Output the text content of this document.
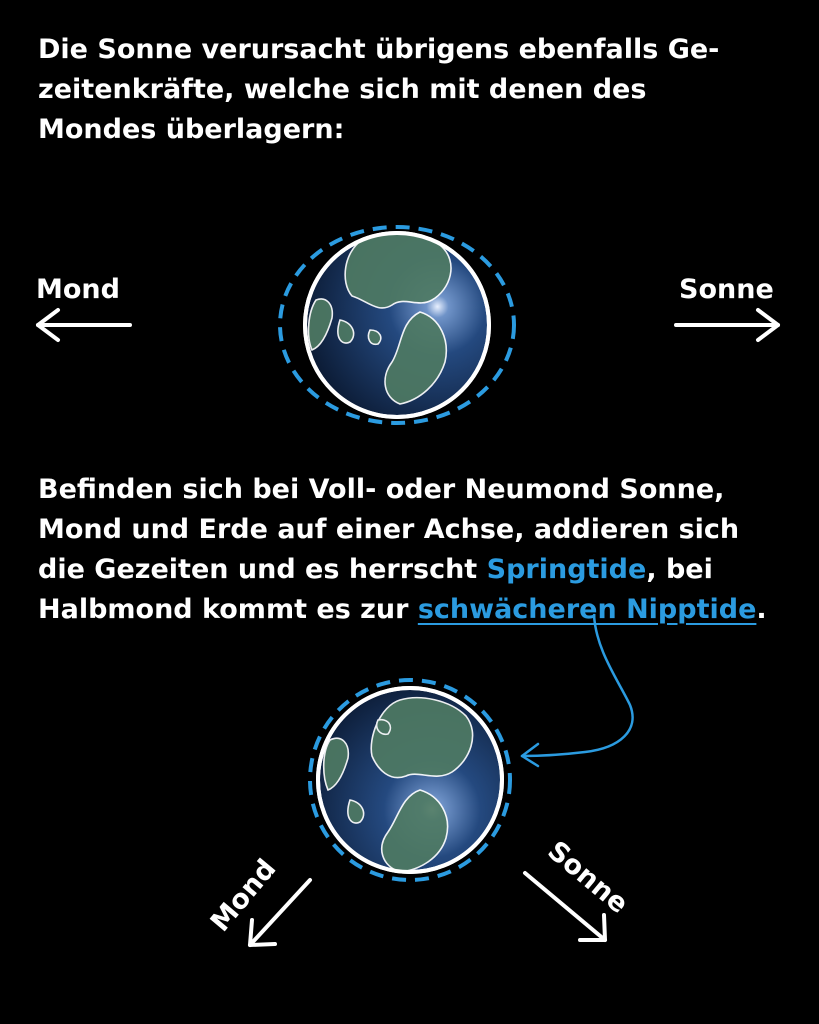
Die Sonne verursacht übrigens ebenfalls Ge-
zeitenkräfte, welche sich mit denen des
Mondes überlagern:

Mond	Sonne

Befinden sich bei Voll- oder Neumond Sonne,
Mond und Erde auf einer Achse, addieren sich
die Gezeiten und es herrscht Springtide, bei
Halbmond kommt es zur schwächeren Nipptide.

Mond	Sonne
